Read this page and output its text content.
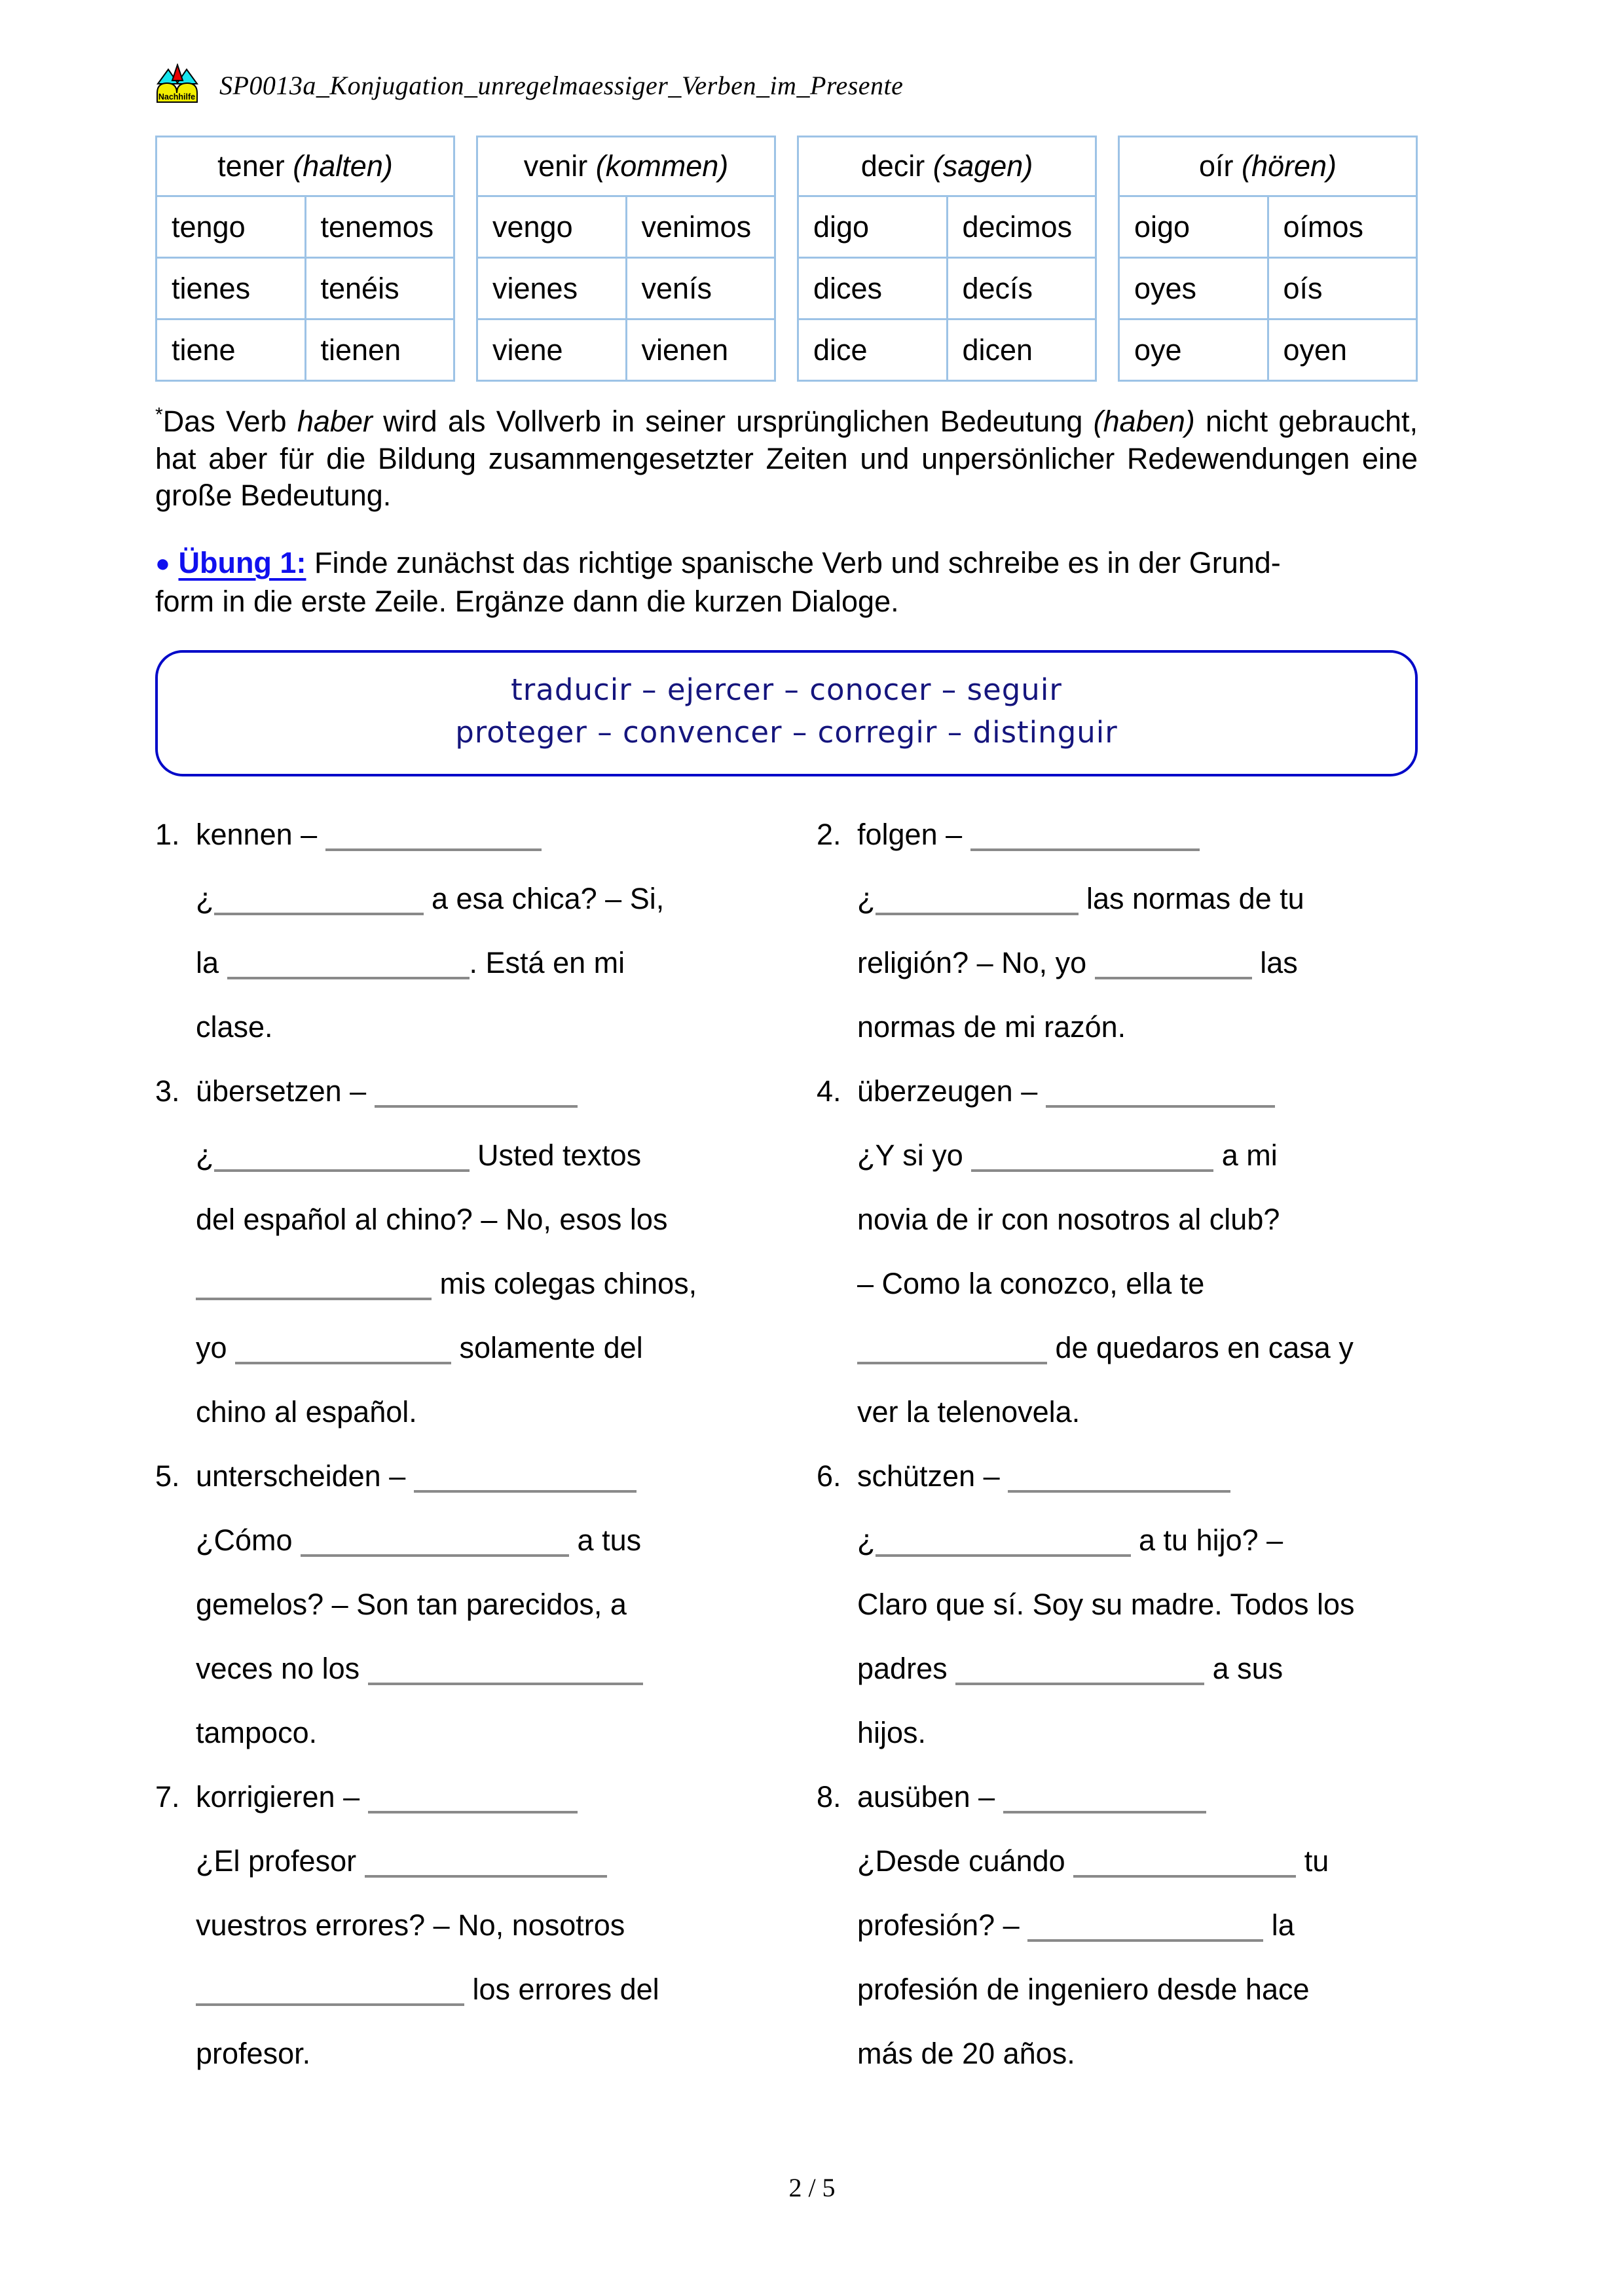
Nachhilfe SP0013a_Konjugation_unregelmaessiger_Verben_im_Presente
tener (halten)	
tengo	tenemos
tienes	tenéis
tiene	tienen
venir (kommen)	
vengo	venimos
vienes	venís
viene	vienen
decir (sagen)	
digo	decimos
dices	decís
dice	dicen
oír (hören)	
oigo	oímos
oyes	oís
oye	oyen

*Das Verb haber wird als Vollverb in seiner ursprünglichen Bedeutung (haben) nicht gebraucht, hat aber für die Bildung zusammengesetzter Zeiten und unpersönlicher Redewendungen eine große Bedeutung.

● Übung 1: Finde zunächst das richtige spanische Verb und schreibe es in der Grund-
form in die erste Zeile. Ergänze dann die kurzen Dialoge.

traducir – ejercer – conocer – seguir
proteger – convencer – corregir – distinguir
1. kennen –
¿	a esa chica? – Si,
la	. Está en mi
clase.
3. übersetzen –
¿	Usted textos
del español al chino? – No, esos los
mis colegas chinos,
yo	solamente del
chino al español.
5. unterscheiden –
¿Cómo	a tus
gemelos? – Son tan parecidos, a
veces no los
tampoco.
7. korrigieren –
¿El profesor
vuestros errores? – No, nosotros
los errores del
profesor.
2. folgen –
¿	las normas de tu
religión? – No, yo	las
normas de mi razón.
4. überzeugen –
¿Y si yo	a mi
novia de ir con nosotros al club?
– Como la conozco, ella te
de quedaros en casa y
ver la telenovela.
6. schützen –
¿	a tu hijo? –
Claro que sí. Soy su madre. Todos los
padres	a sus
hijos.
8. ausüben –
¿Desde cuándo	tu
profesión? –	la
profesión de ingeniero desde hace
más de 20 años.
2 / 5
